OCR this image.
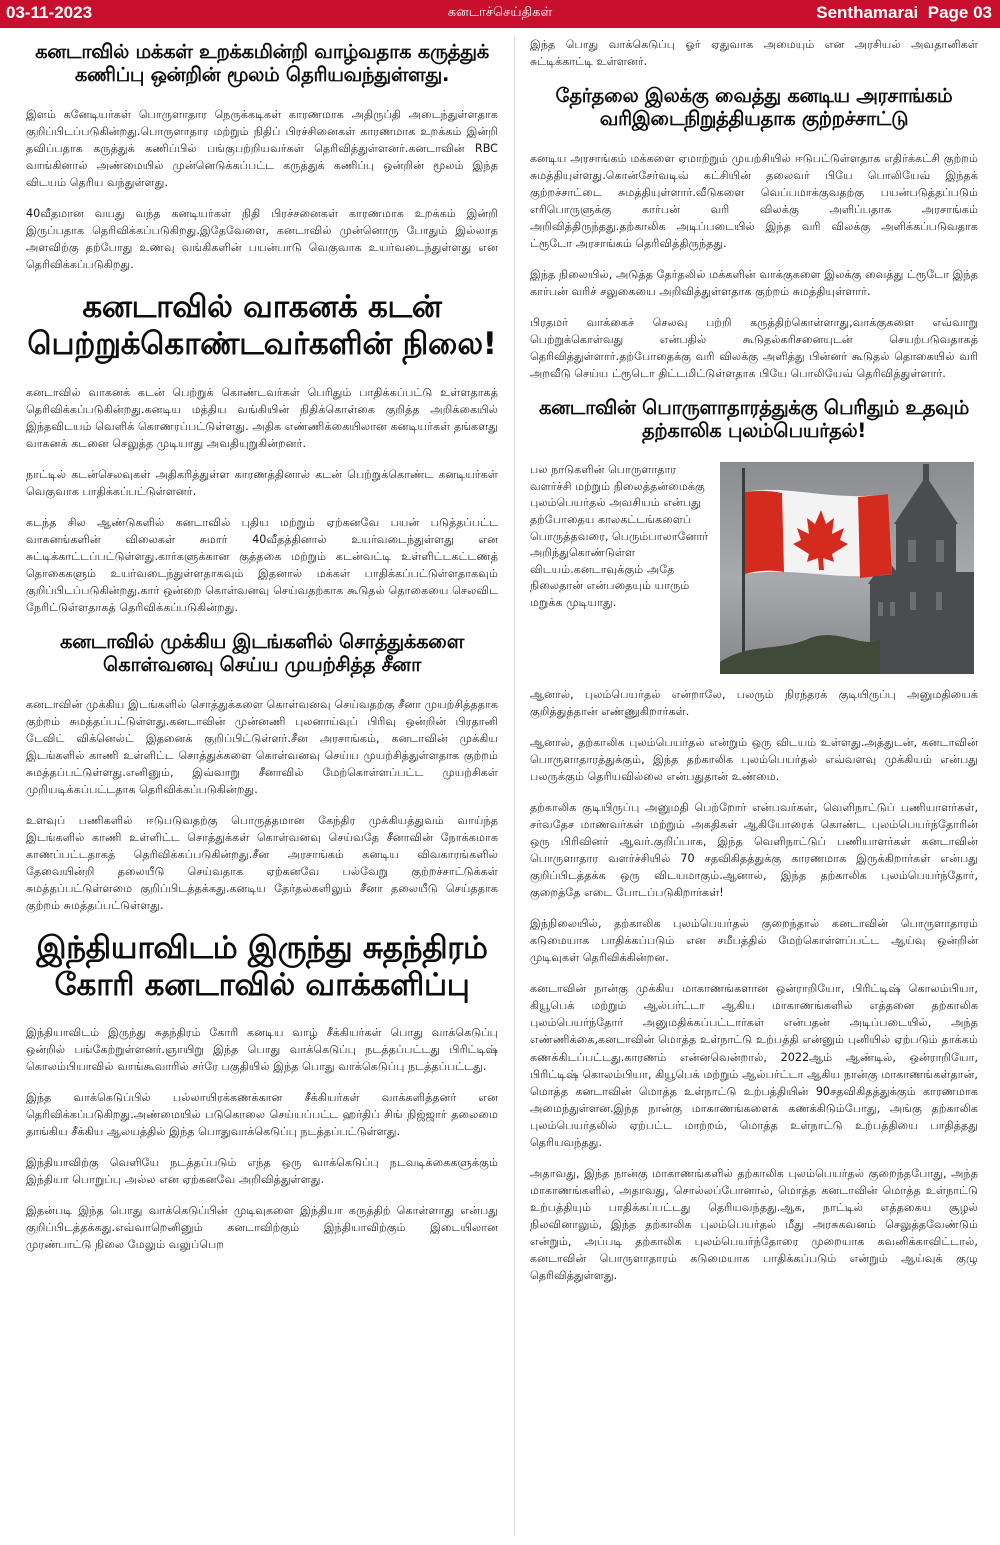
03-11-2023	கனடாச்செய்திகள்	Senthamarai Page 03
கனடாவில் மக்கள் உறக்கமின்றி வாழ்வதாக கருத்துக் கணிப்பு ஒன்றின் மூலம் தெரியவந்துள்ளது.

இளம் கனேடியர்கள் பொருளாதார நெருக்கடிகள் காரணமாக அதிருப்தி அடைந்துள்ளதாக குறிப்பிடப்படுகின்றது.பொருளாதார மற்றும் நிதிப் பிரச்சினைகள் காரணமாக உறக்கம் இன்றி தவிப்பதாக கருத்துக் கணிப்பில் பங்குபற்றியவர்கள் தெரிவித்துள்ளனர்.கனடாவின் RBC வாங்கினால் அண்மையில் முன்னெடுக்கப்பட்ட கருத்துக் கணிப்பு ஒன்றின் மூலம் இந்த விடயம் தெரிய வந்துள்ளது.

40வீதமான வயது வந்த கனடியர்கள் நிதி பிரச்சனைகள் காரணமாக உறக்கம் இன்றி இருப்பதாக தெரிவிக்கப்படுகிறது.இதேவேளை, கனடாவில் முன்னொரு போதும் இல்லாத அளவிற்கு தற்போது உணவு வங்கிகளின் பயன்பாடு வெகுவாக உயர்வடைந்துள்ளது என தெரிவிக்கப்படுகிறது.

கனடாவில் வாகனக் கடன் பெற்றுக்கொண்டவர்களின் நிலை!

கனடாவில் வாகனக் கடன் பெற்றுக் கொண்டவர்கள் பெரிதும் பாதிக்கப்பட்டு உள்ளதாகத் தெரிவிக்கப்படுகின்றது.கனடிய மத்திய வங்கியின் நிதிக்கொள்கை குறித்த அறிக்கையில் இந்தவிடயம் வெளிக் கொணரப்பட்டுள்ளது. அதிக எண்ணிக்கையிலான கனடியர்கள் தங்களது வாகனக் கடனை செலுத்த முடியாது அவதியுறுகின்றனர்.

நாட்டில் கடன்செலவுகள் அதிகரித்துள்ள காரணத்தினால் கடன் பெற்றுக்கொண்ட கனடியர்கள் வெகுவாக பாதிக்கப்பட்டுள்ளனர்.

கடந்த சில ஆண்டுகளில் கனடாவில் புதிய மற்றும் ஏற்கனவே பயன் படுத்தப்பட்ட வாகனங்களின் விலைகள் சுமார் 40வீதத்தினால் உயர்வடைந்துள்ளது என சுட்டிக்காட்டப்பட்டுள்ளது.கார்களுக்கான குத்தகை மற்றும் கடன்வட்டி உள்ளிட்டகட்டணத் தொகைகளும் உயர்வடைந்துள்ளதாகவும் இதனால் மக்கள் பாதிக்கப்பட்டுள்ளதாகவும் குறிப்பிடப்படுகின்றது.கார் ஒன்றை கொள்வனவு செய்வதற்காக கூடுதல் தொகையை செலவிட நேரிட்டுள்ளதாகத் தெரிவிக்கப்படுகின்றது.

கனடாவில் முக்கிய இடங்களில் சொத்துக்களை கொள்வனவு செய்ய முயற்சித்த சீனா

கனடாவின் முக்கிய இடங்களில் சொத்துக்களை கொள்வனவு செய்வதற்கு சீனா முயற்சித்ததாக குற்றம் சுமத்தப்பட்டுள்ளது.கனடாவின் முன்னணி புலனாய்வுப் பிரிவு ஒன்றின் பிரதானி டேவிட் விக்னெல்ட் இதனைக் குறிப்பிட்டுள்ளர்.சீன அரசாங்கம், கனடாவின் முக்கிய இடங்களில் காணி உள்ளிட்ட சொத்துக்களை கொள்வனவு செய்ய முயற்சித்துள்ளதாக குற்றம் சுமத்தப்பட்டுள்ளது.எனினும், இவ்வாறு சீனாவில் மேற்கொள்ளப்பட்ட முயற்சிகள் முறியடிக்கப்பட்டதாக தெரிவிக்கப்படுகின்றது.

உளவுப் பணிகளில் ஈடுபடுவதற்கு பொருத்தமான கேந்திர முக்கியத்துவம் வாய்ந்த இடங்களில் காணி உள்ளிட்ட சொத்துக்கள் கொள்வனவு செய்வதே சீனாவின் நோக்கமாக காணப்பட்டதாகத் தெரிவிக்கப்படுகின்றது.சீன அரசாங்கம் கனடிய விவகாரங்களில் தேவையின்றி தலையீடு செய்வதாக ஏற்கனவே பல்வேறு குற்றச்சாட்டுக்கள் சுமத்தப்பட்டுள்ளமை குறிப்பிடத்தக்கது.கனடிய தேர்தல்களிலும் சீனா தலையீடு செய்ததாக குற்றம் சுமத்தப்பட்டுள்ளது.

இந்தியாவிடம் இருந்து சுதந்திரம் கோரி கனடாவில் வாக்களிப்பு

இந்தியாவிடம் இருந்து சுதந்திரம் கோரி கனடிய வாழ் சீக்கியர்கள் பொது வாக்கெடுப்பு ஒன்றில் பங்கேற்றுள்ளனர்.ஞாயிறு இந்த பொது வாக்கெடுப்பு நடத்தப்பட்டது பிரிட்டிஷ் கொலம்பியாவில் வாங்கூவாரில் சர்ரே பகுதியில் இந்த பொது வாக்கெடுப்பு நடத்தப்பட்டது.

இந்த வாக்கெடுப்பில் பல்லாயிரக்கணக்கான சீக்கியர்கள் வாக்களித்தனர் என தெரிவிக்கப்படுகிறது.அண்மையில் படுகொலை செய்யப்பட்ட ஹர்திப் சிங் நிஜ்ஜார் தலைமை தாங்கிய சீக்கிய ஆலயத்தில் இந்த பொதுவாக்கெடுப்பு நடத்தப்பட்டுள்ளது.

இந்தியாவிற்கு வெளியே நடத்தப்படும் எந்த ஒரு வாக்கெடுப்பு நடவடிக்கைகளுக்கும் இந்தியா பொறுப்பு அல்ல என ஏற்கனவே அறிவித்துள்ளது.

இதன்படி இந்த பொது வாக்கெடுப்பின் முடிவுகளை இந்தியா கருத்திற் கொள்ளாது என்பது குறிப்பிடத்தக்கது.எவ்வாறெனினும் கனடாவிற்கும் இந்தியாவிற்கும் இடையிலான முரண்பாட்டு நிலை மேலும் வலுப்பெற

இந்த பொது வாக்கெடுப்பு ஓர் ஏதுவாக அமையும் என அரசியல் அவதானிகள் சுட்டிக்காட்டி உள்ளனர்.

தேர்தலை இலக்கு வைத்து கனடிய அரசாங்கம் வரிஇடைநிறுத்தியதாக குற்றச்சாட்டு

கனடிய அரசாங்கம் மக்களை ஏமாற்றும் முயற்சியில் ஈடுபட்டுள்ளதாக எதிர்க்கட்சி குற்றம் சுமத்தியுள்ளது.கொன்சேர்வடிவ் கட்சியின் தலைவர் பியே பொலியேவ் இந்தக் குற்றச்சாட்டை சுமத்தியுள்ளார்.வீடுகளை வெப்பமாக்குவதற்கு பயன்படுத்தப்படும் எரிபொருளுக்கு கார்பன் வரி விலக்கு அளிப்பதாக அரசாங்கம் அறிவித்திருந்தது.தற்காலிக அடிப்படையில் இந்த வரி விலக்கு அளிக்கப்படுவதாக ட்ரூடோ அரசாங்கம் தெரிவித்திருந்தது.

இந்த நிலையில், அடுத்த தேர்தலில் மக்களின் வாக்குகளை இலக்கு வைத்து ட்ரூடோ இந்த கார்பன் வரிச் சலுகையை அறிவித்துள்ளதாக குற்றம் சுமத்தியுள்ளார்.

பிரதமர் வாக்கைச் செலவு பற்றி கருத்திற்கொள்ளாது,வாக்குகளை எவ்வாறு பெற்றுக்கொள்வது என்பதில் கூடுதல்கரிசனையுடன் செயற்படுவதாகத் தெரிவித்துள்ளார்.தற்போதைக்கு வரி விலக்கு அளித்து பின்னர் கூடுதல் தொகையில் வரி அறவீடு செய்ய ட்ரூடொ திட்டமிட்டுள்ளதாக பியே பொலியேவ் தெரிவித்துள்ளார்.

கனடாவின் பொருளாதாரத்துக்கு பெரிதும் உதவும் தற்காலிக புலம்பெயர்தல்!

பல நாடுகளின் பொருளாதார வளர்ச்சி மற்றும் நிலைத்தன்மைக்கு புலம்பெயர்தல் அவசியம் என்பது தற்போதைய காலகட்டங்களைப் பொருத்தவரை, பெரும்பாலானோர் அறிந்துகொண்டுள்ள விடயம்.கனடாவுக்கும் அதே நிலைதான் என்பதையும் யாரும் மறுக்க முடியாது.

ஆனால், புலம்பெயர்தல் என்றாலே, பலரும் நிரந்தரக் குடியிருப்பு அனுமதியைக் குறித்துத்தான் எண்ணுகிறார்கள்.

ஆனால், தற்காலிக புலம்பெயர்தல் என்றும் ஒரு விடயம் உள்ளது.அத்துடன், கனடாவின் பொருளாதாரத்துக்கும், இந்த தற்காலிக புலம்பெயர்தல் எவ்வளவு முக்கியம் என்பது பலருக்கும் தெரியவில்லை என்பதுதான் உண்மை.

தற்காலிக குடியிருப்பு அனுமதி பெற்றோர் என்பவர்கள், வெளிநாட்டுப் பணியாளர்கள், சர்வதேச மாணவர்கள் மற்றும் அகதிகள் ஆகியோரைக் கொண்ட புலம்பெயர்ந்தோரின் ஒரு பிரிவினர் ஆவர்.குறிப்பாக, இந்த வெளிநாட்டுப் பணியாளர்கள் கனடாவின் பொருளாதார வளர்ச்சியில் 70 சதவிகிதத்துக்கு காரணமாக இருக்கிறார்கள் என்பது குறிப்பிடத்தக்க ஒரு விடயமாகும்.ஆனால், இந்த தற்காலிக புலம்பெயர்ந்தோர், குறைத்தே எடை போடப்படுகிறார்கள்!

இந்நிலையில், தற்காலிக புலம்பெயர்தல் குறைந்தால் கனடாவின் பொருளாதாரம் கடுமையாக பாதிக்கப்படும் என சமீபத்தில் மேற்கொள்ளப்பட்ட ஆய்வு ஒன்றின் முடிவுகள் தெரிவிக்கின்றன.

கனடாவின் நான்கு முக்கிய மாகாணங்களான ஒன்ராறியோ, பிரிட்டிஷ் கொலம்பியா, கியூபெக் மற்றும் ஆல்பர்ட்டா ஆகிய மாகாணங்களில் எத்தனை தற்காலிக புலம்பெயர்ந்தோர் அனுமதிக்கப்பட்டார்கள் என்பதன் அடிப்படையில், அந்த எண்ணிக்கை,கனடாவின் மொத்த உள்நாட்டு உற்பத்தி என்னும் புனியில் ஏற்படும் தாக்கம் கணக்கிடப்பட்டது.காரணம் என்னவென்றால், 2022ஆம் ஆண்டில், ஒன்ராறியோ, பிரிட்டிஷ் கொலம்பியா, கியூபெக் மற்றும் ஆல்பர்ட்டா ஆகிய நான்கு மாகாணங்கள்தான், மொத்த கனடாவின் மொத்த உள்நாட்டு உற்பத்தியின் 90சதவிகிதத்துக்கும் காரணமாக அமைந்துள்ளன.இந்த நான்கு மாகாணங்களைக் கணக்கிடும்போது, அங்கு தற்காலிக புலம்பெயர்தலில் ஏற்பட்ட மாற்றம், மொத்த உள்நாட்டு உற்பத்தியை பாதித்தது தெரியவந்தது.

அதாவது, இந்த நான்கு மாகாணங்களில் தற்காலிக புலம்பெயர்தல் குறைந்தபோது, அந்த மாகாணங்களில், அதாவது, சொல்லப்போனால், மொத்த கனடாவின் மொத்த உள்நாட்டு உற்பத்தியும் பாதிக்கப்பட்டது தெரியவந்தது.ஆக, நாட்டில் எத்தகைய சூழல் நிலவினாலும், இந்த தற்காலிக புலம்பெயர்தல் மீது அரசுகவனம் செலுத்தவேண்டும் என்றும், அப்படி தற்காலிக புலம்பெயர்ந்தோரை முறையாக கவனிக்காவிட்டால், கனடாவின் பொருளாதாரம் கடுமையாக பாதிக்கப்படும் என்றும் ஆய்வுக் குழு தெரிவித்துள்ளது.
